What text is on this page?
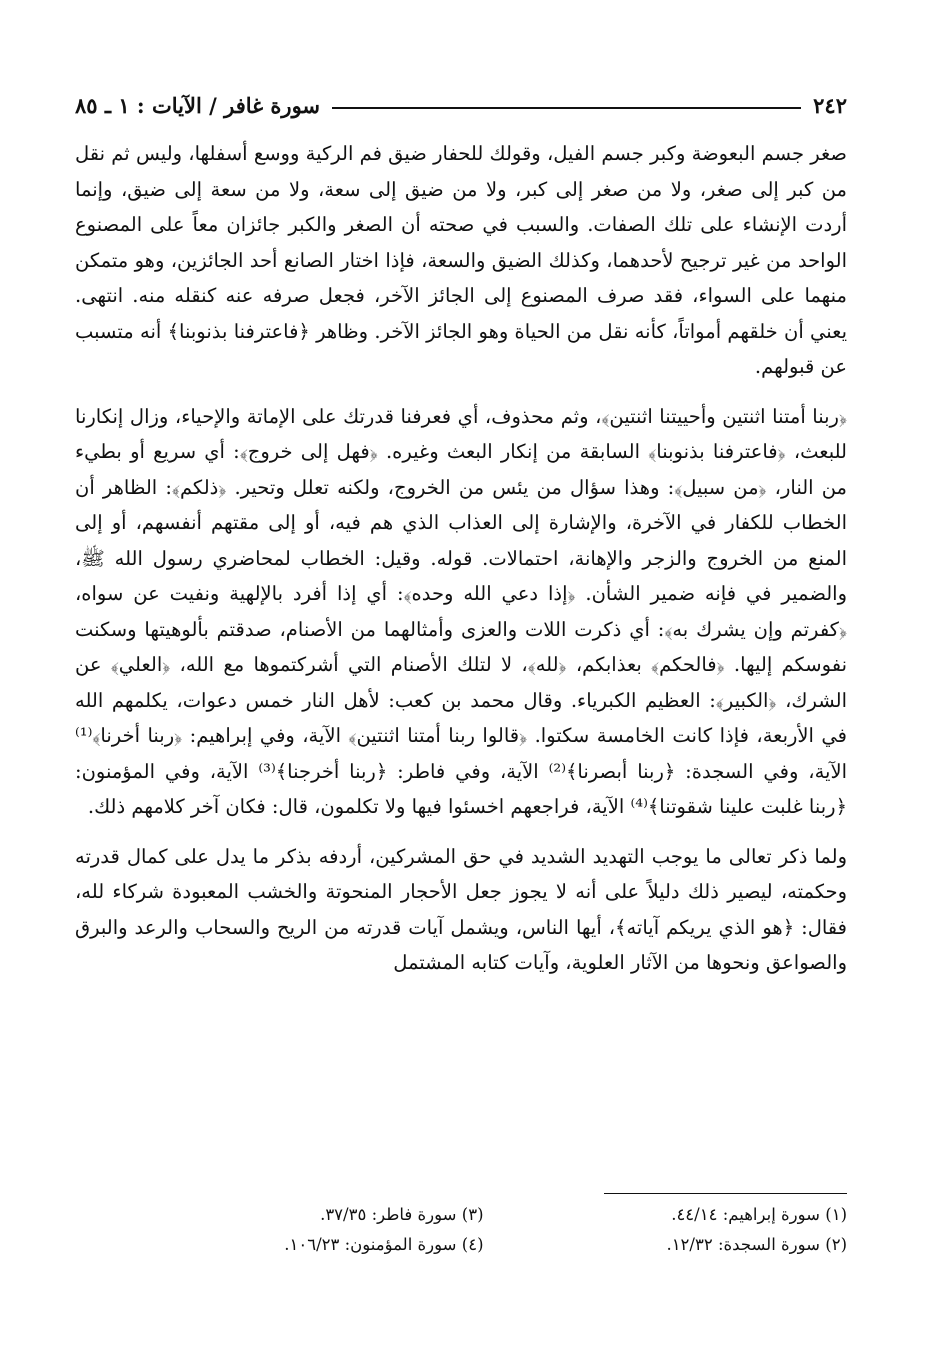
٢٤٢
سورة غافر / الآيات : ١ ـ ٨٥

صغر جسم البعوضة وكبر جسم الفيل، وقولك للحفار ضيق فم الركية ووسع أسفلها، وليس ثم نقل من كبر إلى صغر، ولا من صغر إلى كبر، ولا من ضيق إلى سعة، ولا من سعة إلى ضيق، وإنما أردت الإنشاء على تلك الصفات. والسبب في صحته أن الصغر والكبر جائزان معاً على المصنوع الواحد من غير ترجيح لأحدهما، وكذلك الضيق والسعة، فإذا اختار الصانع أحد الجائزين، وهو متمكن منهما على السواء، فقد صرف المصنوع إلى الجائز الآخر، فجعل صرفه عنه كنقله منه. انتهى. يعني أن خلقهم أمواتاً، كأنه نقل من الحياة وهو الجائز الآخر. وظاهر ﴿فاعترفنا بذنوبنا﴾ أنه متسبب عن قبولهم.

﴿ربنا أمتنا اثنتين وأحييتنا اثنتين﴾، وثم محذوف، أي فعرفنا قدرتك على الإماتة والإحياء، وزال إنكارنا للبعث، ﴿فاعترفنا بذنوبنا﴾ السابقة من إنكار البعث وغيره. ﴿فهل إلى خروج﴾: أي سريع أو بطيء من النار، ﴿من سبيل﴾: وهذا سؤال من يئس من الخروج، ولكنه تعلل وتحير. ﴿ذلكم﴾: الظاهر أن الخطاب للكفار في الآخرة، والإشارة إلى العذاب الذي هم فيه، أو إلى مقتهم أنفسهم، أو إلى المنع من الخروج والزجر والإهانة، احتمالات. قوله. وقيل: الخطاب لمحاضري رسول الله ﷺ، والضمير في فإنه ضمير الشأن. ﴿إذا دعي الله وحده﴾: أي إذا أفرد بالإلهية ونفيت عن سواه، ﴿كفرتم وإن يشرك به﴾: أي ذكرت اللات والعزى وأمثالهما من الأصنام، صدقتم بألوهيتها وسكنت نفوسكم إليها. ﴿فالحكم﴾ بعذابكم، ﴿لله﴾، لا لتلك الأصنام التي أشركتموها مع الله، ﴿العلي﴾ عن الشرك، ﴿الكبير﴾: العظيم الكبرياء. وقال محمد بن كعب: لأهل النار خمس دعوات، يكلمهم الله في الأربعة، فإذا كانت الخامسة سكتوا. ﴿قالوا ربنا أمتنا اثنتين﴾ الآية، وفي إبراهيم: ﴿ربنا أخرنا﴾⁽¹⁾ الآية، وفي السجدة: ﴿ربنا أبصرنا﴾⁽²⁾ الآية، وفي فاطر: ﴿ربنا أخرجنا﴾⁽³⁾ الآية، وفي المؤمنون: ﴿ربنا غلبت علينا شقوتنا﴾⁽⁴⁾ الآية، فراجعهم اخسئوا فيها ولا تكلمون، قال: فكان آخر كلامهم ذلك.

ولما ذكر تعالى ما يوجب التهديد الشديد في حق المشركين، أردفه بذكر ما يدل على كمال قدرته وحكمته، ليصير ذلك دليلاً على أنه لا يجوز جعل الأحجار المنحوتة والخشب المعبودة شركاء لله، فقال: ﴿هو الذي يريكم آياته﴾، أيها الناس، ويشمل آيات قدرته من الريح والسحاب والرعد والبرق والصواعق ونحوها من الآثار العلوية، وآيات كتابه المشتمل

(١) سورة إبراهيم: ٤٤/١٤.
(٣) سورة فاطر: ٣٧/٣٥.
(٢) سورة السجدة: ١٢/٣٢.
(٤) سورة المؤمنون: ١٠٦/٢٣.
